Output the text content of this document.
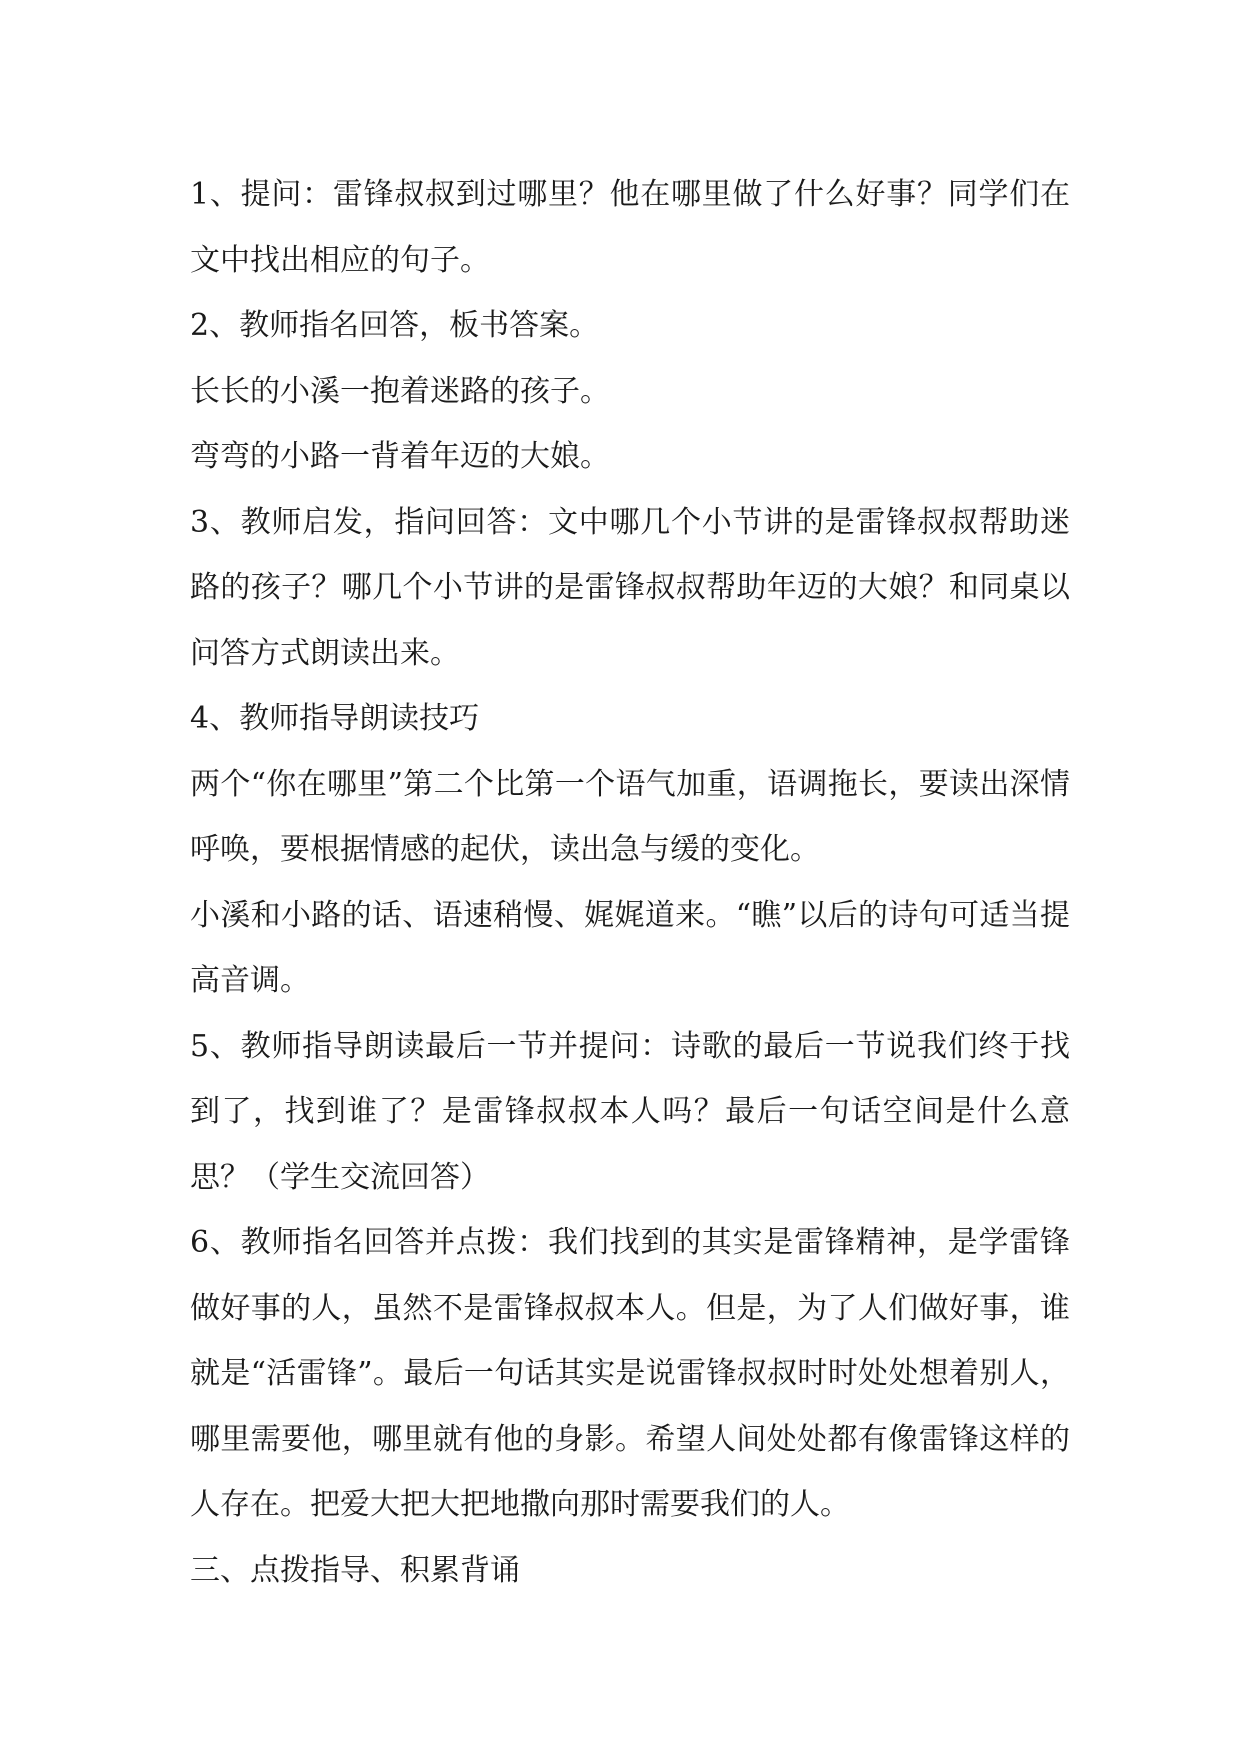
1、提问：雷锋叔叔到过哪里？他在哪里做了什么好事？同学们在文中找出相应的句子。

2、教师指名回答，板书答案。

长长的小溪一抱着迷路的孩子。

弯弯的小路一背着年迈的大娘。

3、教师启发，指问回答：文中哪几个小节讲的是雷锋叔叔帮助迷路的孩子？哪几个小节讲的是雷锋叔叔帮助年迈的大娘？和同桌以问答方式朗读出来。

4、教师指导朗读技巧

两个“你在哪里”第二个比第一个语气加重，语调拖长，要读出深情呼唤，要根据情感的起伏，读出急与缓的变化。

小溪和小路的话、语速稍慢、娓娓道来。“瞧”以后的诗句可适当提高音调。

5、教师指导朗读最后一节并提问：诗歌的最后一节说我们终于找到了，找到谁了？是雷锋叔叔本人吗？最后一句话空间是什么意思？（学生交流回答）

6、教师指名回答并点拨：我们找到的其实是雷锋精神，是学雷锋做好事的人，虽然不是雷锋叔叔本人。但是，为了人们做好事，谁就是“活雷锋”。最后一句话其实是说雷锋叔叔时时处处想着别人，哪里需要他，哪里就有他的身影。希望人间处处都有像雷锋这样的人存在。把爱大把大把地撒向那时需要我们的人。

三、点拨指导、积累背诵
